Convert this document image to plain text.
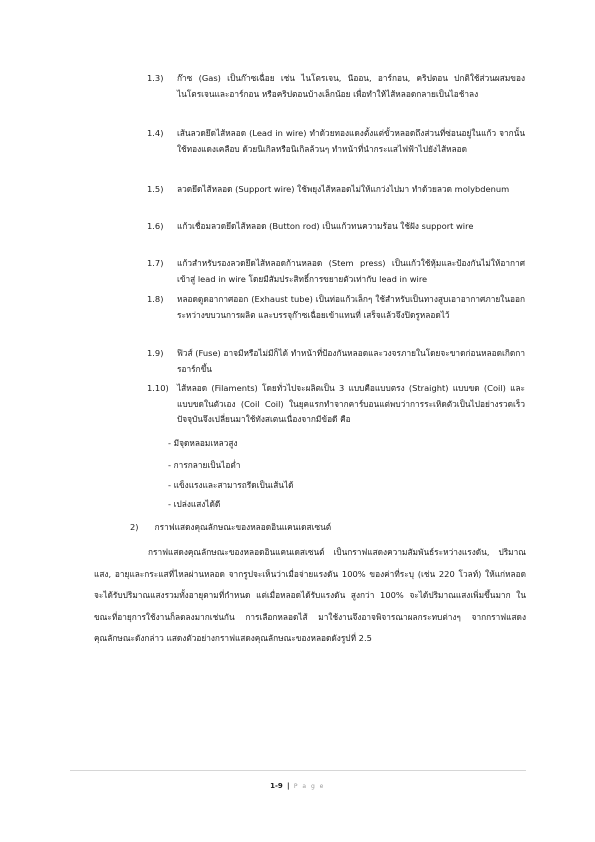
1.3) ก๊าซ (Gas) เป็นก๊าซเฉื่อย เช่น ไนโตรเจน, นีออน, อาร์กอน, คริปตอน ปกติใช้ส่วนผสมของไนโตรเจนและอาร์กอน หรือคริปตอนบ้างเล็กน้อย เพื่อทำให้ไส้หลอดกลายเป็นไอช้าลง
1.4) เส้นลวดยึดไส้หลอด (Lead in wire) ทำด้วยทองแดงตั้งแต่ขั้วหลอดถึงส่วนที่ซ่อนอยู่ในแก้ว จากนั้นใช้ทองแดงเคลือบ ด้วยนิเกิลหรือนิเกิลล้วนๆ ทำหน้าที่นำกระแสไฟฟ้าไปยังไส้หลอด
1.5) ลวดยึดไส้หลอด (Support wire) ใช้พยุงไส้หลอดไม่ให้แกว่งไปมา ทำด้วยลวด molybdenum
1.6) แก้วเชื่อมลวดยึดไส้หลอด (Button rod) เป็นแก้วทนความร้อน ใช้ฝัง support wire
1.7) แก้วสำหรับรองลวดยึดไส้หลอดก้านหลอด (Stem press) เป็นแก้วใช้หุ้มและป้องกันไม่ให้อากาศเข้าสู่ lead in wire โดยมีสัมประสิทธิ์การขยายตัวเท่ากับ lead in wire
1.8) หลอดดูดอากาศออก (Exhaust tube) เป็นท่อแก้วเล็กๆ ใช้สำหรับเป็นทางสูบเอาอากาศภายในออกระหว่างขบวนการผลิต และบรรจุก๊าซเฉื่อยเข้าแทนที่ เสร็จแล้วจึงปิดรูหลอดไว้
1.9) ฟิวส์ (Fuse) อาจมีหรือไม่มีก็ได้ ทำหน้าที่ป้องกันหลอดและวงจรภายในโดยจะขาดก่อนหลอดเกิดการอาร์กขึ้น
1.10) ไส้หลอด (Filaments) โดยทั่วไปจะผลิตเป็น 3 แบบคือแบบตรง (Straight) แบบขด (Coil) และแบบขดในตัวเอง (Coil Coil) ในยุคแรกทำจากคาร์บอนแต่พบว่าการระเหิดตัวเป็นไปอย่างรวดเร็ว ปัจจุบันจึงเปลี่ยนมาใช้ทังสเตนเนื่องจากมีข้อดี คือ
- มีจุดหลอมเหลวสูง
- การกลายเป็นไอต่ำ
- แข็งแรงและสามารถรีดเป็นเส้นได้
- เปล่งแสงได้ดี
2) กราฟแสดงคุณลักษณะของหลอดอินแคนเดสเซนต์
กราฟแสดงคุณลักษณะของหลอดอินแคนเดสเซนต์ เป็นกราฟแสดงความสัมพันธ์ระหว่างแรงดัน, ปริมาณแสง, อายุและกระแสที่ไหลผ่านหลอด จากรูปจะเห็นว่าเมื่อจ่ายแรงดัน 100% ของค่าที่ระบุ (เช่น 220 โวลท์) ให้แก่หลอดจะได้รับปริมาณแสงรวมทั้งอายุตามที่กำหนด แต่เมื่อหลอดได้รับแรงดัน สูงกว่า 100% จะได้ปริมาณแสงเพิ่มขึ้นมาก ในขณะที่อายุการใช้งานก็ลดลงมากเช่นกัน การเลือกหลอดไส้ มาใช้งานจึงอาจพิจารณาผลกระทบต่างๆ จากกราฟแสดงคุณลักษณะดังกล่าว แสดงตัวอย่างกราฟแสดงคุณลักษณะของหลอดดังรูปที่ 2.5
1-9 | P a g e
